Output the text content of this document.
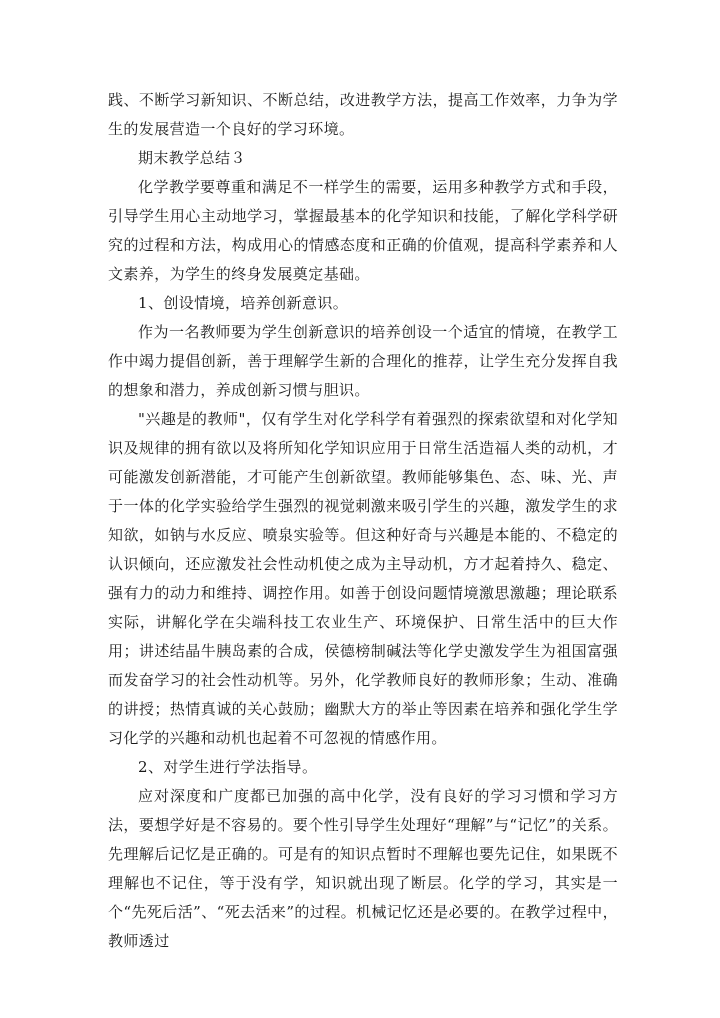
践、不断学习新知识、不断总结，改进教学方法，提高工作效率，力争为学生的发展营造一个良好的学习环境。

期末教学总结３

化学教学要尊重和满足不一样学生的需要，运用多种教学方式和手段，引导学生用心主动地学习，掌握最基本的化学知识和技能，了解化学科学研究的过程和方法，构成用心的情感态度和正确的价值观，提高科学素养和人文素养，为学生的终身发展奠定基础。

1、创设情境，培养创新意识。

作为一名教师要为学生创新意识的培养创设一个适宜的情境，在教学工作中竭力提倡创新，善于理解学生新的合理化的推荐，让学生充分发挥自我的想象和潜力，养成创新习惯与胆识。

"兴趣是的教师"，仅有学生对化学科学有着强烈的探索欲望和对化学知识及规律的拥有欲以及将所知化学知识应用于日常生活造福人类的动机，才可能激发创新潜能，才可能产生创新欲望。教师能够集色、态、味、光、声于一体的化学实验给学生强烈的视觉刺激来吸引学生的兴趣，激发学生的求知欲，如钠与水反应、喷泉实验等。但这种好奇与兴趣是本能的、不稳定的认识倾向，还应激发社会性动机使之成为主导动机，方才起着持久、稳定、强有力的动力和维持、调控作用。如善于创设问题情境激思激趣；理论联系实际，讲解化学在尖端科技工农业生产、环境保护、日常生活中的巨大作用；讲述结晶牛胰岛素的合成，侯德榜制碱法等化学史激发学生为祖国富强而发奋学习的社会性动机等。另外，化学教师良好的教师形象；生动、准确的讲授；热情真诚的关心鼓励；幽默大方的举止等因素在培养和强化学生学习化学的兴趣和动机也起着不可忽视的情感作用。

2、对学生进行学法指导。

应对深度和广度都已加强的高中化学，没有良好的学习习惯和学习方法，要想学好是不容易的。要个性引导学生处理好“理解”与“记忆”的关系。先理解后记忆是正确的。可是有的知识点暂时不理解也要先记住，如果既不理解也不记住，等于没有学，知识就出现了断层。化学的学习，其实是一个“先死后活”、“死去活来”的过程。机械记忆还是必要的。在教学过程中，教师透过
